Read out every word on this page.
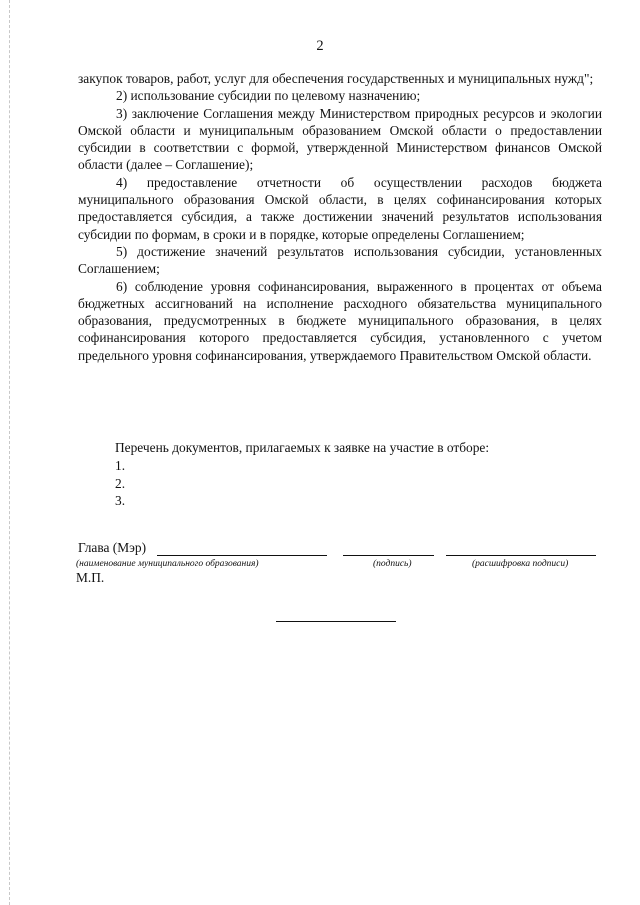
2

закупок товаров, работ, услуг для обеспечения государственных и муниципальных нужд";

2) использование субсидии по целевому назначению;

3) заключение Соглашения между Министерством природных ресурсов и экологии Омской области и муниципальным образованием Омской области о предоставлении субсидии в соответствии с формой, утвержденной Министерством финансов Омской области (далее – Соглашение);

4) предоставление отчетности об осуществлении расходов бюджета муниципального образования Омской области, в целях софинансирования которых предоставляется субсидия, а также достижении значений результатов использования субсидии по формам, в сроки и в порядке, которые определены Соглашением;

5) достижение значений результатов использования субсидии, установленных Соглашением;

6) соблюдение уровня софинансирования, выраженного в процентах от объема бюджетных ассигнований на исполнение расходного обязательства муниципального образования, предусмотренных в бюджете муниципального образования, в целях софинансирования которого предоставляется субсидия, установленного с учетом предельного уровня софинансирования, утверждаемого Правительством Омской области.

Перечень документов, прилагаемых к заявке на участие в отборе:

1.

2.

3.

Глава (Мэр)
(наименование муниципального образования)	(подпись)	(расшифровка подписи)
М.П.
